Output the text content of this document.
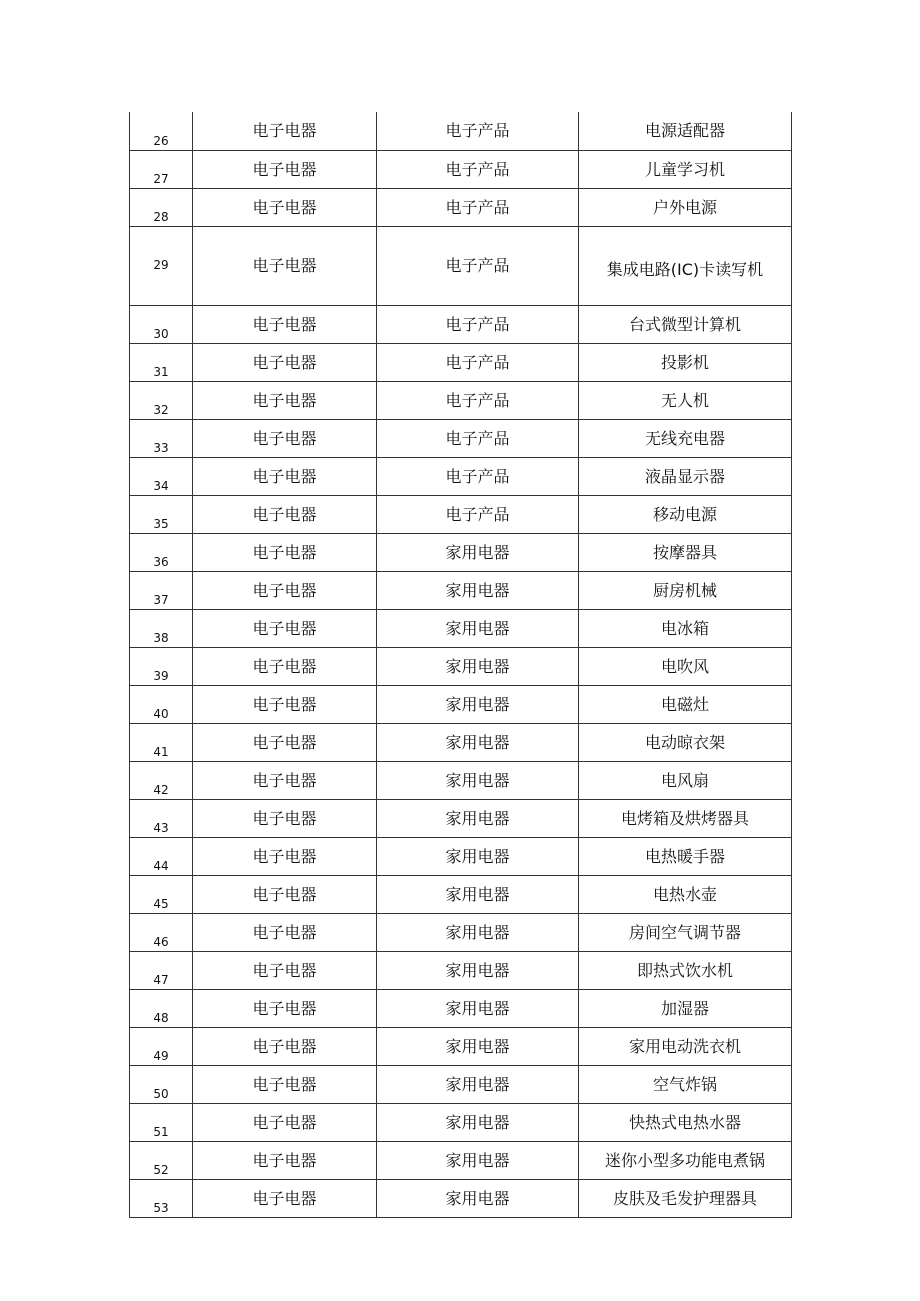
26	电子电器	电子产品	电源适配器
27	电子电器	电子产品	儿童学习机
28	电子电器	电子产品	户外电源
29	电子电器	电子产品	集成电路(IC)卡读写机

30	电子电器	电子产品	台式微型计算机
31	电子电器	电子产品	投影机
32	电子电器	电子产品	无人机
33	电子电器	电子产品	无线充电器
34	电子电器	电子产品	液晶显示器
35	电子电器	电子产品	移动电源
36	电子电器	家用电器	按摩器具
37	电子电器	家用电器	厨房机械
38	电子电器	家用电器	电冰箱
39	电子电器	家用电器	电吹风
40	电子电器	家用电器	电磁灶
41	电子电器	家用电器	电动晾衣架
42	电子电器	家用电器	电风扇
43	电子电器	家用电器	电烤箱及烘烤器具
44	电子电器	家用电器	电热暖手器
45	电子电器	家用电器	电热水壶
46	电子电器	家用电器	房间空气调节器
47	电子电器	家用电器	即热式饮水机
48	电子电器	家用电器	加湿器
49	电子电器	家用电器	家用电动洗衣机
50	电子电器	家用电器	空气炸锅
51	电子电器	家用电器	快热式电热水器
52	电子电器	家用电器	迷你小型多功能电煮锅
53	电子电器	家用电器	皮肤及毛发护理器具
